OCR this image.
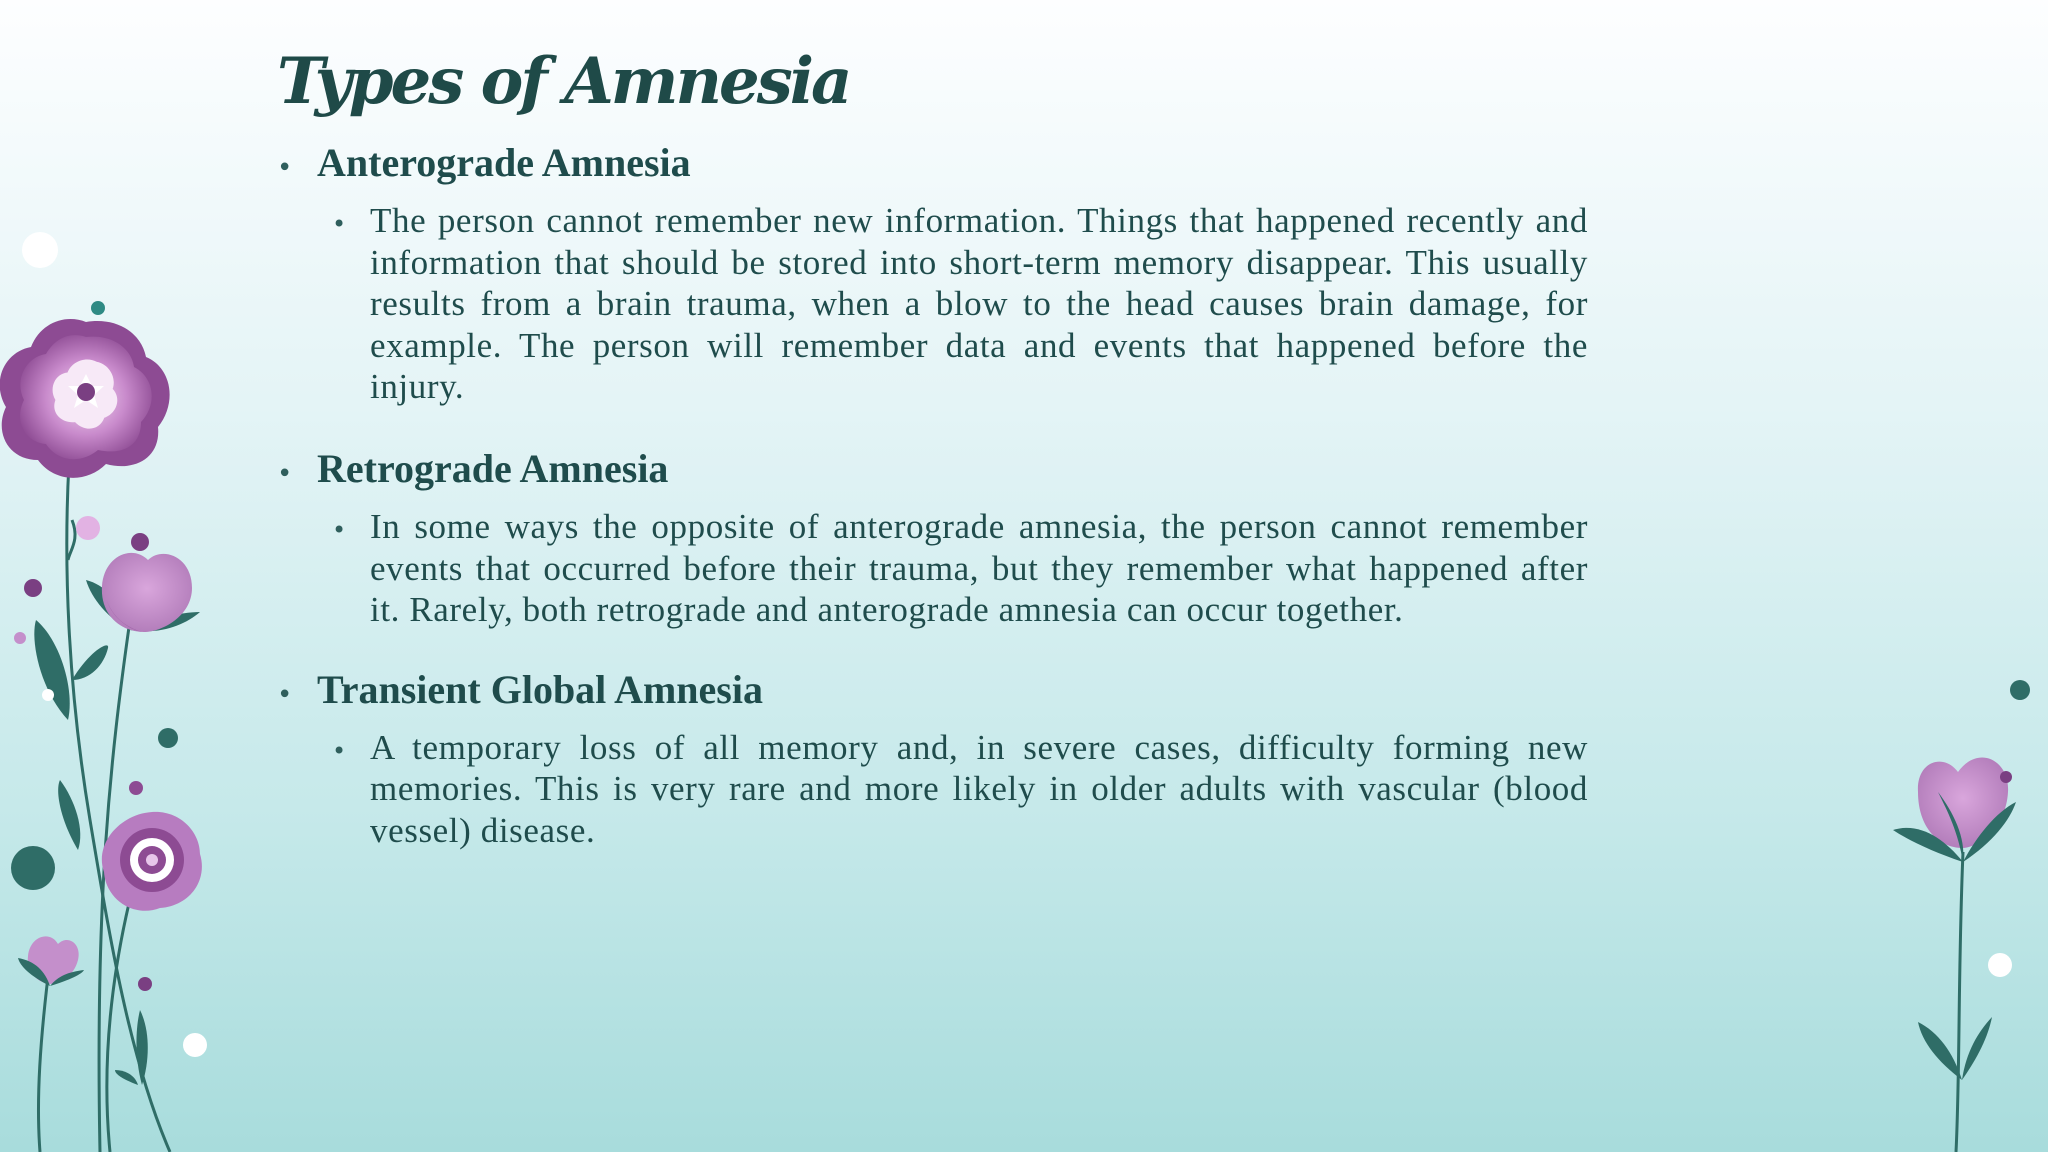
Types of Amnesia
• Anterograde Amnesia
• The person cannot remember new information. Things that happened recently and information that should be stored into short-term memory disappear. This usually results from a brain trauma, when a blow to the head causes brain damage, for example. The person will remember data and events that happened before the injury.

• Retrograde Amnesia
• In some ways the opposite of anterograde amnesia, the person cannot remember events that occurred before their trauma, but they remember what happened after it. Rarely, both retrograde and anterograde amnesia can occur together.

• Transient Global Amnesia
• A temporary loss of all memory and, in severe cases, difficulty forming new memories. This is very rare and more likely in older adults with vascular (blood vessel) disease.
